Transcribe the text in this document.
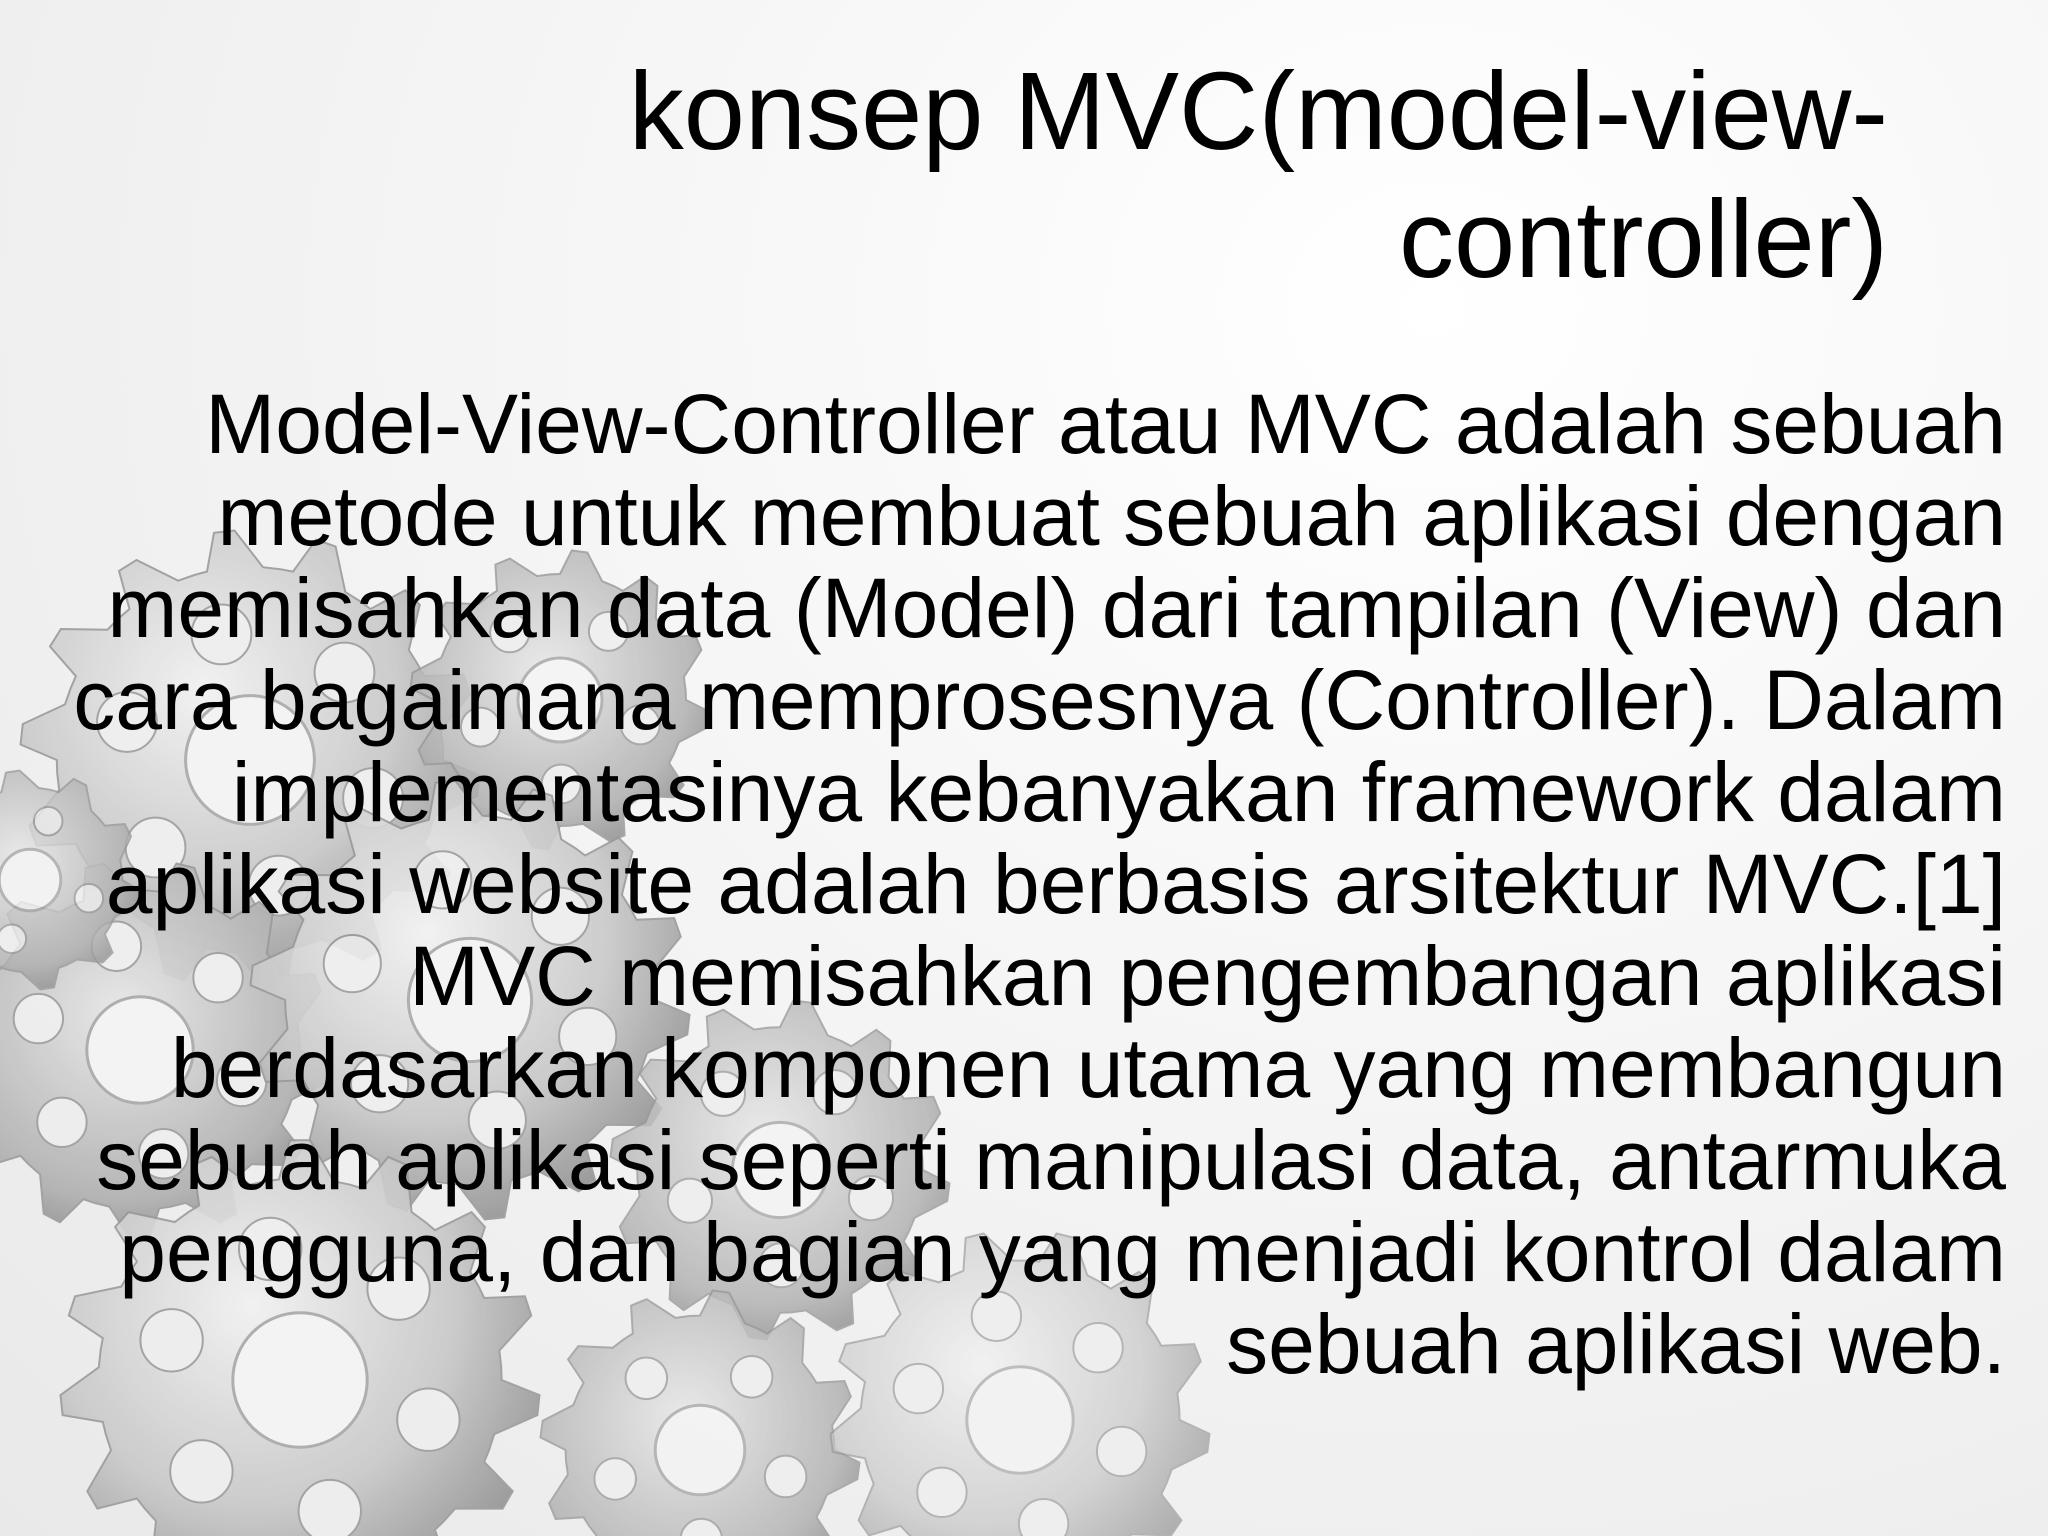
konsep MVC(model-view-controller)

Model-View-Controller atau MVC adalah sebuah metode untuk membuat sebuah aplikasi dengan memisahkan data (Model) dari tampilan (View) dan cara bagaimana memprosesnya (Controller). Dalam implementasinya kebanyakan framework dalam aplikasi website adalah berbasis arsitektur MVC.[1] MVC memisahkan pengembangan aplikasi berdasarkan komponen utama yang membangun sebuah aplikasi seperti manipulasi data, antarmuka pengguna, dan bagian yang menjadi kontrol dalam sebuah aplikasi web.
